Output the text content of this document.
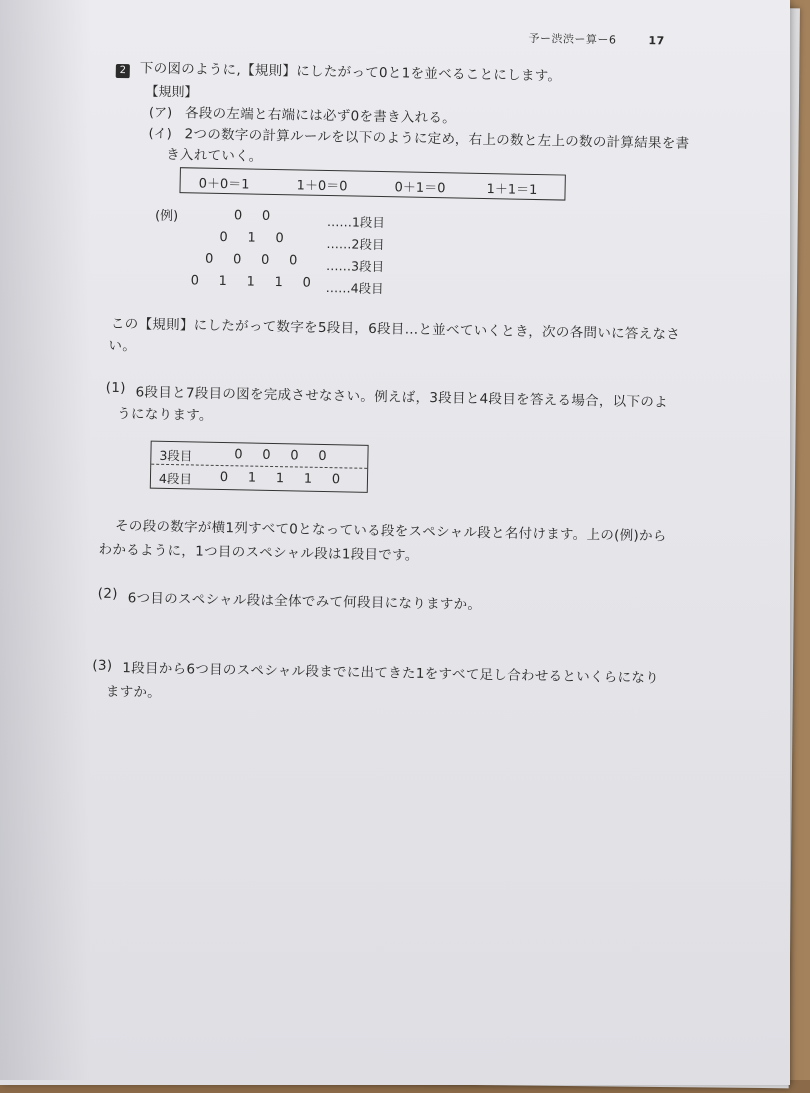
予ー渋渋ー算ー6	17
2 下の図のように,【規則】にしたがって0と1を並べることにします。
【規則】
(ア) 各段の左端と右端には必ず0を書き入れる。
(イ) 2つの数字の計算ルールを以下のように定め，右上の数と左上の数の計算結果を書
き入れていく。
0＋0＝1	1＋0＝0	0＋1＝0	1＋1＝1
(例)	0 0	……1段目
0 1 0	……2段目
0 0 0 0 ……3段目
0 1 1 1 0 ……4段目
この【規則】にしたがって数字を5段目，6段目…と並べていくとき，次の各問いに答えなさ
い。
(1) 6段目と7段目の図を完成させなさい。例えば，3段目と4段目を答える場合，以下のよ
うになります。
3段目	0 0 0 0
4段目 0 1 1 1 0
その段の数字が横1列すべて0となっている段をスペシャル段と名付けます。上の(例)から
わかるように，1つ目のスペシャル段は1段目です。
(2) 6つ目のスペシャル段は全体でみて何段目になりますか。
(3) 1段目から6つ目のスペシャル段までに出てきた1をすべて足し合わせるといくらになり
ますか。
